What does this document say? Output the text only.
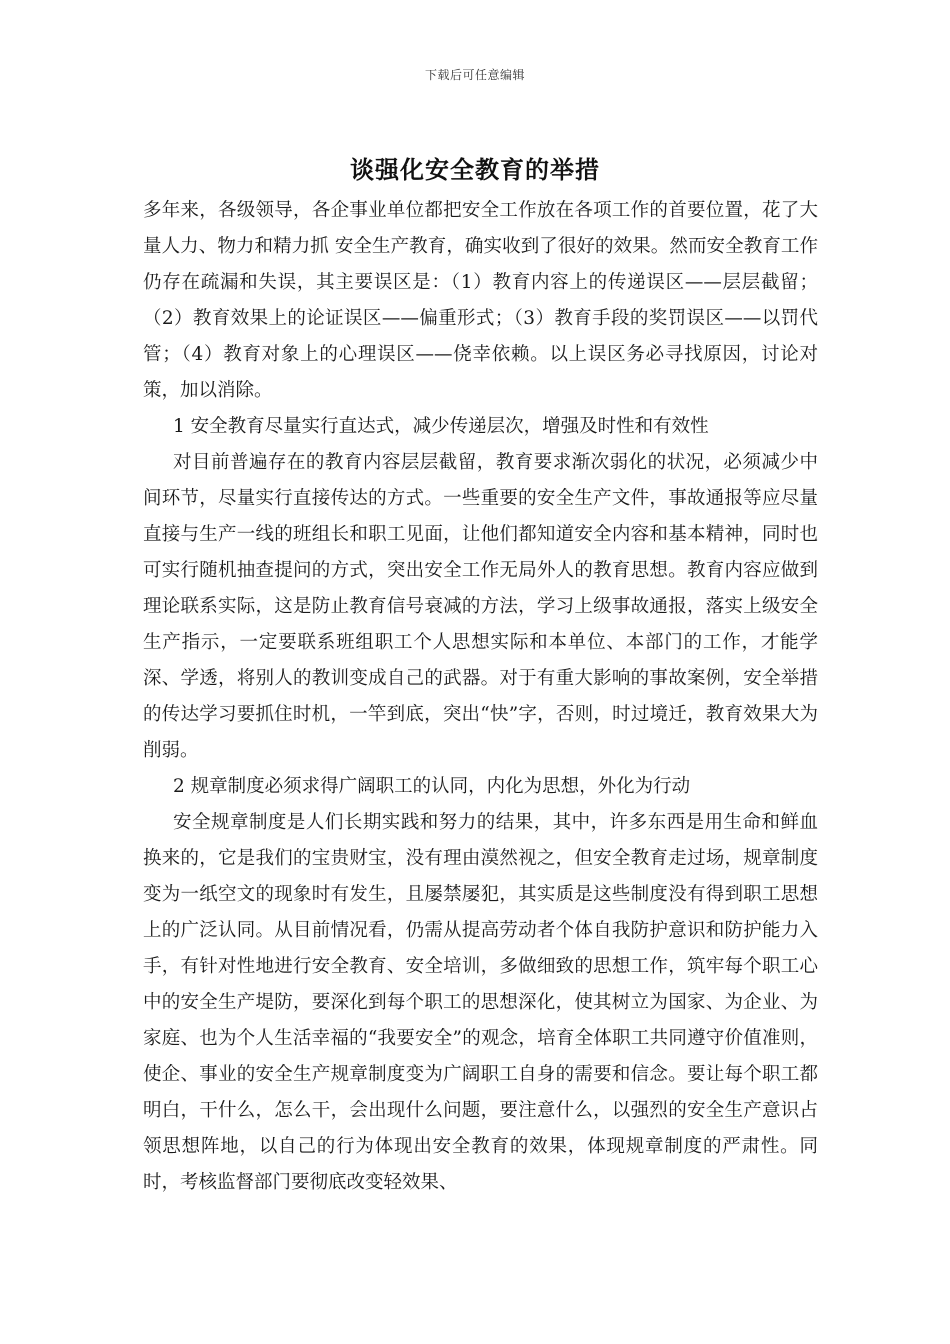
下载后可任意编辑
谈强化安全教育的举措

多年来，各级领导，各企事业单位都把安全工作放在各项工作的首要位置，花了大量人力、物力和精力抓 安全生产教育，确实收到了很好的效果。然而安全教育工作仍存在疏漏和失误，其主要误区是：（1）教育内容上的传递误区——层层截留；（2）教育效果上的论证误区——偏重形式；（3）教育手段的奖罚误区——以罚代管；（4）教育对象上的心理误区——侥幸依赖。以上误区务必寻找原因，讨论对策，加以消除。

1 安全教育尽量实行直达式，减少传递层次，增强及时性和有效性

对目前普遍存在的教育内容层层截留，教育要求渐次弱化的状况，必须减少中间环节，尽量实行直接传达的方式。一些重要的安全生产文件，事故通报等应尽量直接与生产一线的班组长和职工见面，让他们都知道安全内容和基本精神，同时也可实行随机抽查提问的方式，突出安全工作无局外人的教育思想。教育内容应做到理论联系实际，这是防止教育信号衰减的方法，学习上级事故通报，落实上级安全生产指示，一定要联系班组职工个人思想实际和本单位、本部门的工作，才能学深、学透，将别人的教训变成自己的武器。对于有重大影响的事故案例，安全举措的传达学习要抓住时机，一竿到底，突出“快”字，否则，时过境迁，教育效果大为削弱。

2 规章制度必须求得广阔职工的认同，内化为思想，外化为行动

安全规章制度是人们长期实践和努力的结果，其中，许多东西是用生命和鲜血换来的，它是我们的宝贵财宝，没有理由漠然视之，但安全教育走过场，规章制度变为一纸空文的现象时有发生，且屡禁屡犯，其实质是这些制度没有得到职工思想上的广泛认同。从目前情况看，仍需从提高劳动者个体自我防护意识和防护能力入手，有针对性地进行安全教育、安全培训，多做细致的思想工作，筑牢每个职工心中的安全生产堤防，要深化到每个职工的思想深化，使其树立为国家、为企业、为家庭、也为个人生活幸福的“我要安全”的观念，培育全体职工共同遵守价值准则，使企、事业的安全生产规章制度变为广阔职工自身的需要和信念。要让每个职工都明白，干什么，怎么干，会出现什么问题，要注意什么，以强烈的安全生产意识占领思想阵地，以自己的行为体现出安全教育的效果，体现规章制度的严肃性。同时，考核监督部门要彻底改变轻效果、
